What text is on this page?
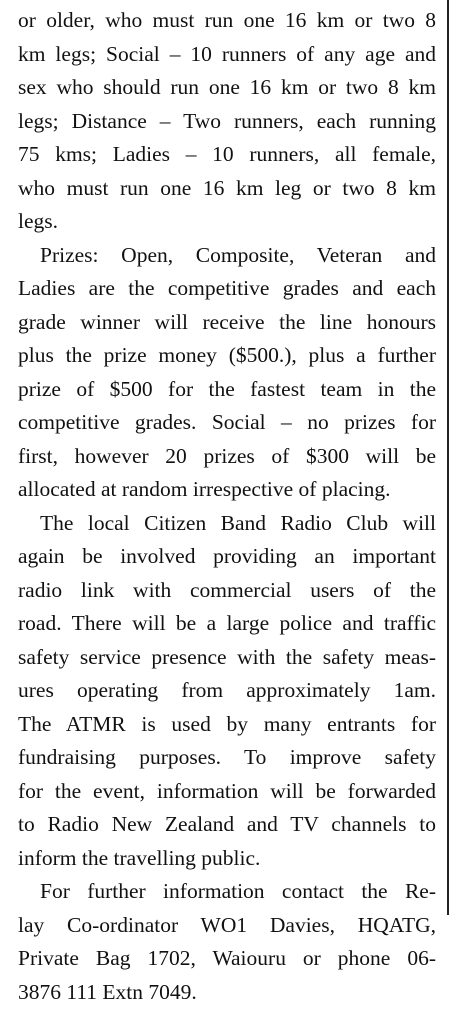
or older, who must run one 16 km or two 8
km legs; Social – 10 runners of any age and
sex who should run one 16 km or two 8 km
legs; Distance – Two runners, each running
75 kms; Ladies – 10 runners, all female,
who must run one 16 km leg or two 8 km
legs.

Prizes: Open, Composite, Veteran and
Ladies are the competitive grades and each
grade winner will receive the line honours
plus the prize money ($500.), plus a further
prize of $500 for the fastest team in the
competitive grades. Social – no prizes for
first, however 20 prizes of $300 will be
allocated at random irrespective of placing.

The local Citizen Band Radio Club will
again be involved providing an important
radio link with commercial users of the
road. There will be a large police and traffic
safety service presence with the safety meas-
ures operating from approximately 1am.
The ATMR is used by many entrants for
fundraising purposes. To improve safety
for the event, information will be forwarded
to Radio New Zealand and TV channels to
inform the travelling public.

For further information contact the Re-
lay Co-ordinator WO1 Davies, HQATG,
Private Bag 1702, Waiouru or phone 06-
3876 111 Extn 7049.
